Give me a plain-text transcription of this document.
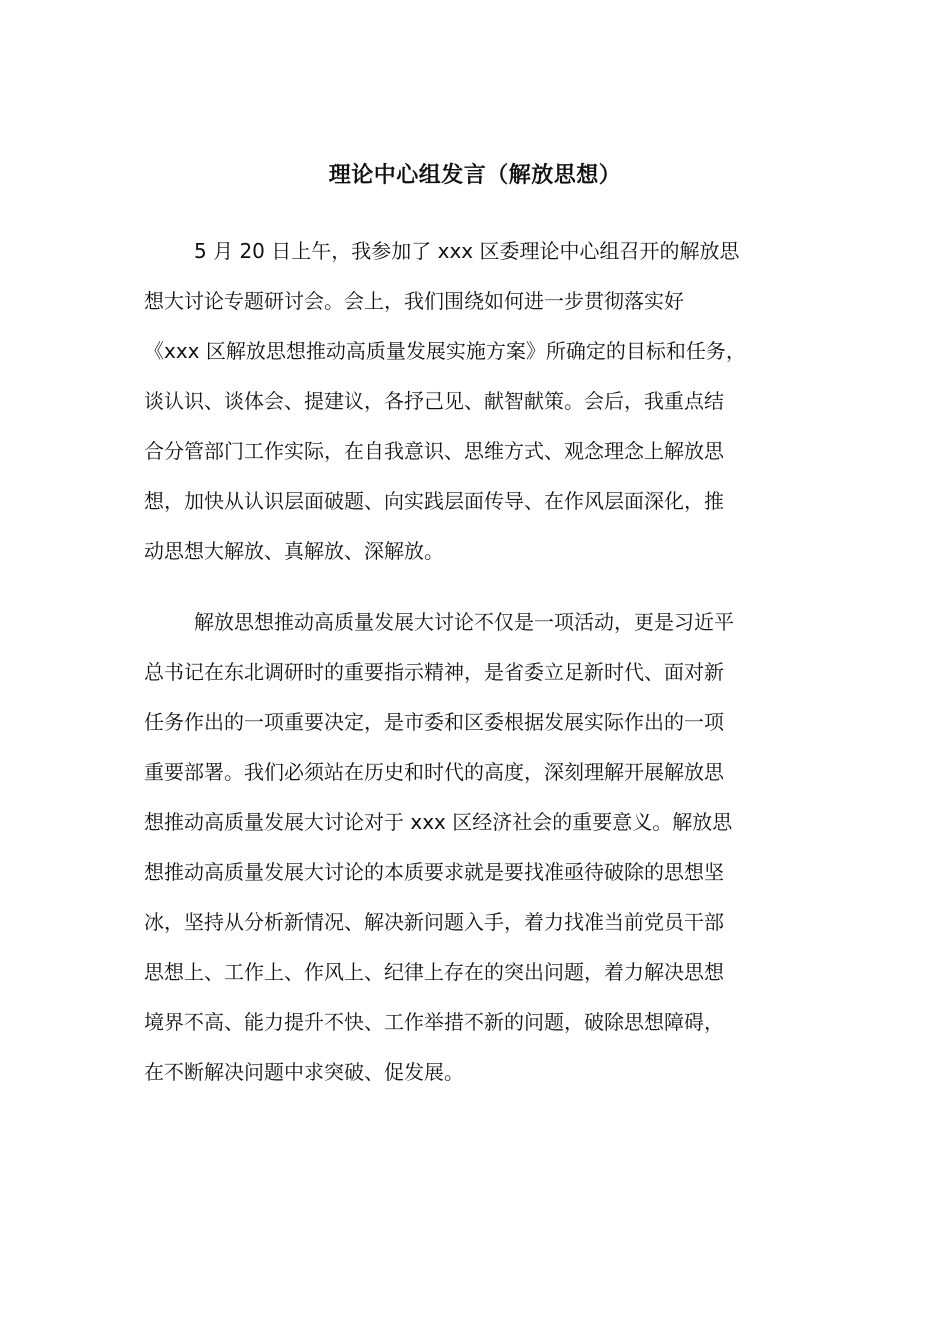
理论中心组发言（解放思想）
5 月 20 日上午，我参加了 xxx 区委理论中心组召开的解放思
想大讨论专题研讨会。会上，我们围绕如何进一步贯彻落实好
《xxx 区解放思想推动高质量发展实施方案》所确定的目标和任务，
谈认识、谈体会、提建议，各抒己见、献智献策。会后，我重点结
合分管部门工作实际，在自我意识、思维方式、观念理念上解放思
想，加快从认识层面破题、向实践层面传导、在作风层面深化，推
动思想大解放、真解放、深解放。
解放思想推动高质量发展大讨论不仅是一项活动，更是习近平
总书记在东北调研时的重要指示精神，是省委立足新时代、面对新
任务作出的一项重要决定，是市委和区委根据发展实际作出的一项
重要部署。我们必须站在历史和时代的高度，深刻理解开展解放思
想推动高质量发展大讨论对于 xxx 区经济社会的重要意义。解放思
想推动高质量发展大讨论的本质要求就是要找准亟待破除的思想坚
冰，坚持从分析新情况、解决新问题入手，着力找准当前党员干部
思想上、工作上、作风上、纪律上存在的突出问题，着力解决思想
境界不高、能力提升不快、工作举措不新的问题，破除思想障碍，
在不断解决问题中求突破、促发展。
